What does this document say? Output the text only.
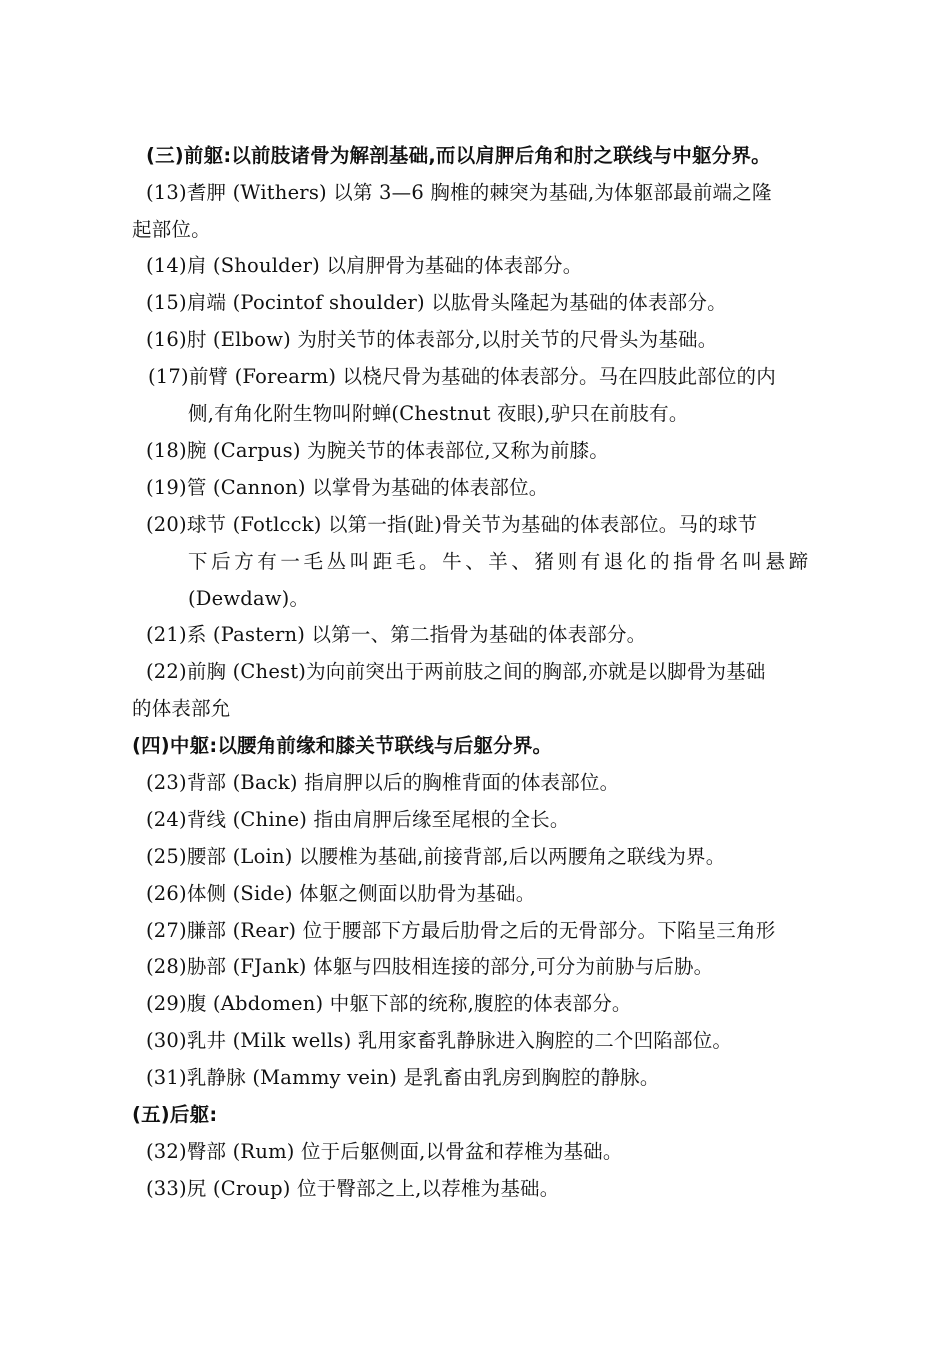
(三)前躯:以前肢诸骨为解剖基础,而以肩胛后角和肘之联线与中躯分界。
(13)耆胛 (Withers) 以第 3—6 胸椎的棘突为基础,为体躯部最前端之隆
起部位。
(14)肩 (Shoulder) 以肩胛骨为基础的体表部分。
(15)肩端 (Pocintof shoulder) 以肱骨头隆起为基础的体表部分。
(16)肘 (Elbow) 为肘关节的体表部分,以肘关节的尺骨头为基础。
(17)前臂 (Forearm) 以桡尺骨为基础的体表部分。马在四肢此部位的内
侧,有角化附生物叫附蝉(Chestnut 夜眼),驴只在前肢有。
(18)腕 (Carpus) 为腕关节的体表部位,又称为前膝。
(19)管 (Cannon) 以掌骨为基础的体表部位。
(20)球节 (Fotlcck) 以第一指(趾)骨关节为基础的体表部位。马的球节
下后方有一毛丛叫距毛。牛、羊、猪则有退化的指骨名叫悬蹄
(Dewdaw)。
(21)系 (Pastern) 以第一、第二指骨为基础的体表部分。
(22)前胸 (Chest)为向前突出于两前肢之间的胸部,亦就是以脚骨为基础
的体表部允
(四)中躯:以腰角前缘和膝关节联线与后躯分界。
(23)背部 (Back) 指肩胛以后的胸椎背面的体表部位。
(24)背线 (Chine) 指由肩胛后缘至尾根的全长。
(25)腰部 (Loin) 以腰椎为基础,前接背部,后以两腰角之联线为界。
(26)体侧 (Side) 体躯之侧面以肋骨为基础。
(27)膁部 (Rear) 位于腰部下方最后肋骨之后的无骨部分。下陷呈三角形
(28)胁部 (FJank) 体躯与四肢相连接的部分,可分为前胁与后胁。
(29)腹 (Abdomen) 中躯下部的统称,腹腔的体表部分。
(30)乳井 (Milk wells) 乳用家畜乳静脉进入胸腔的二个凹陷部位。
(31)乳静脉 (Mammy vein) 是乳畜由乳房到胸腔的静脉。
(五)后躯:
(32)臀部 (Rum) 位于后躯侧面,以骨盆和荐椎为基础。
(33)尻 (Croup) 位于臀部之上,以荐椎为基础。
